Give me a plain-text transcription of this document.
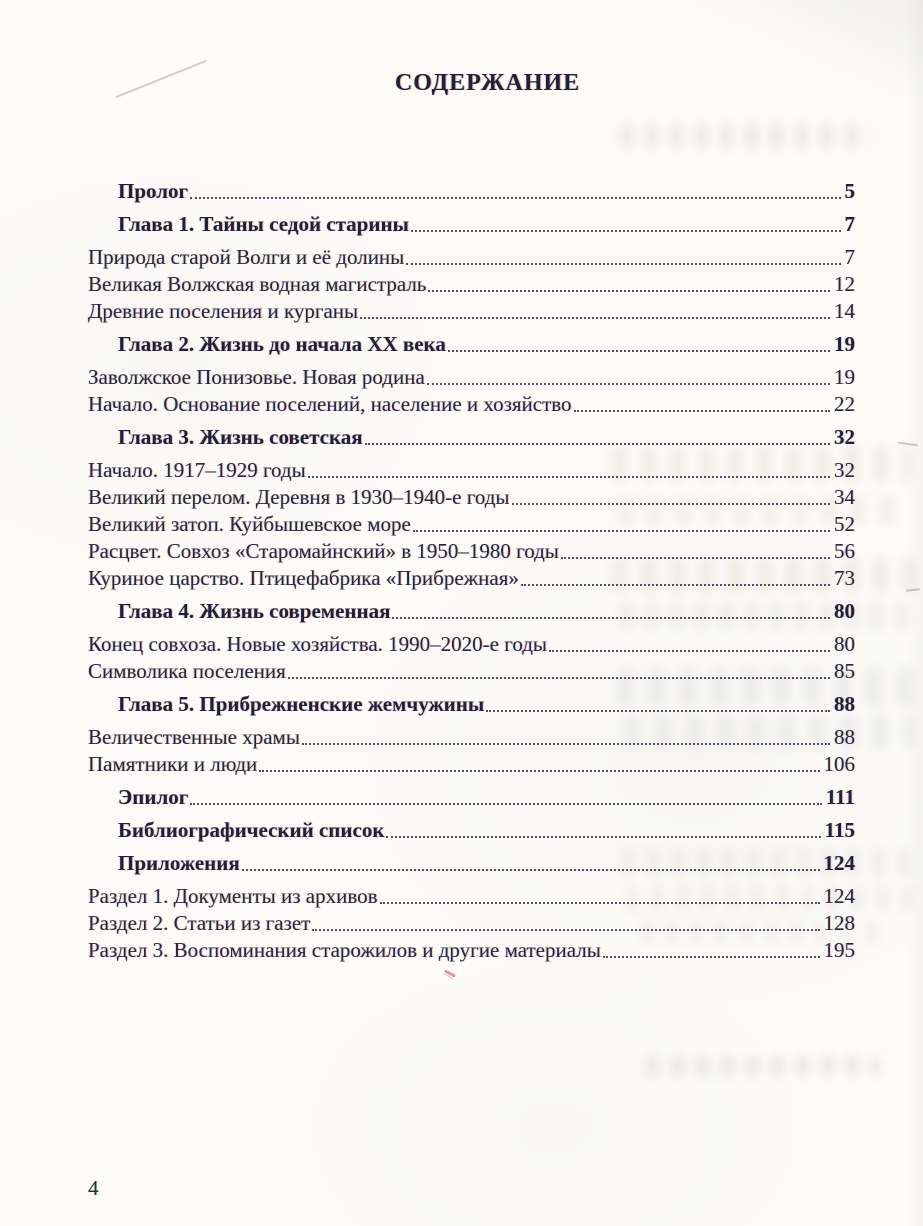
СОДЕРЖАНИЕ
Пролог	5
Глава 1. Тайны седой старины	7
Природа старой Волги и её долины	7
Великая Волжская водная магистраль	12
Древние поселения и курганы	14
Глава 2. Жизнь до начала XX века	19
Заволжское Понизовье. Новая родина	19
Начало. Основание поселений, население и хозяйство	22
Глава 3. Жизнь советская	32
Начало. 1917–1929 годы	32
Великий перелом. Деревня в 1930–1940-е годы	34
Великий затоп. Куйбышевское море	52
Расцвет. Совхоз «Старомайнский» в 1950–1980 годы	56
Куриное царство. Птицефабрика «Прибрежная»	73
Глава 4. Жизнь современная	80
Конец совхоза. Новые хозяйства. 1990–2020-е годы	80
Символика поселения	85
Глава 5. Прибрежненские жемчужины	88
Величественные храмы	88
Памятники и люди	106
Эпилог	111
Библиографический список	115
Приложения	124
Раздел 1. Документы из архивов	124
Раздел 2. Статьи из газет	128
Раздел 3. Воспоминания старожилов и другие материалы	195
4
